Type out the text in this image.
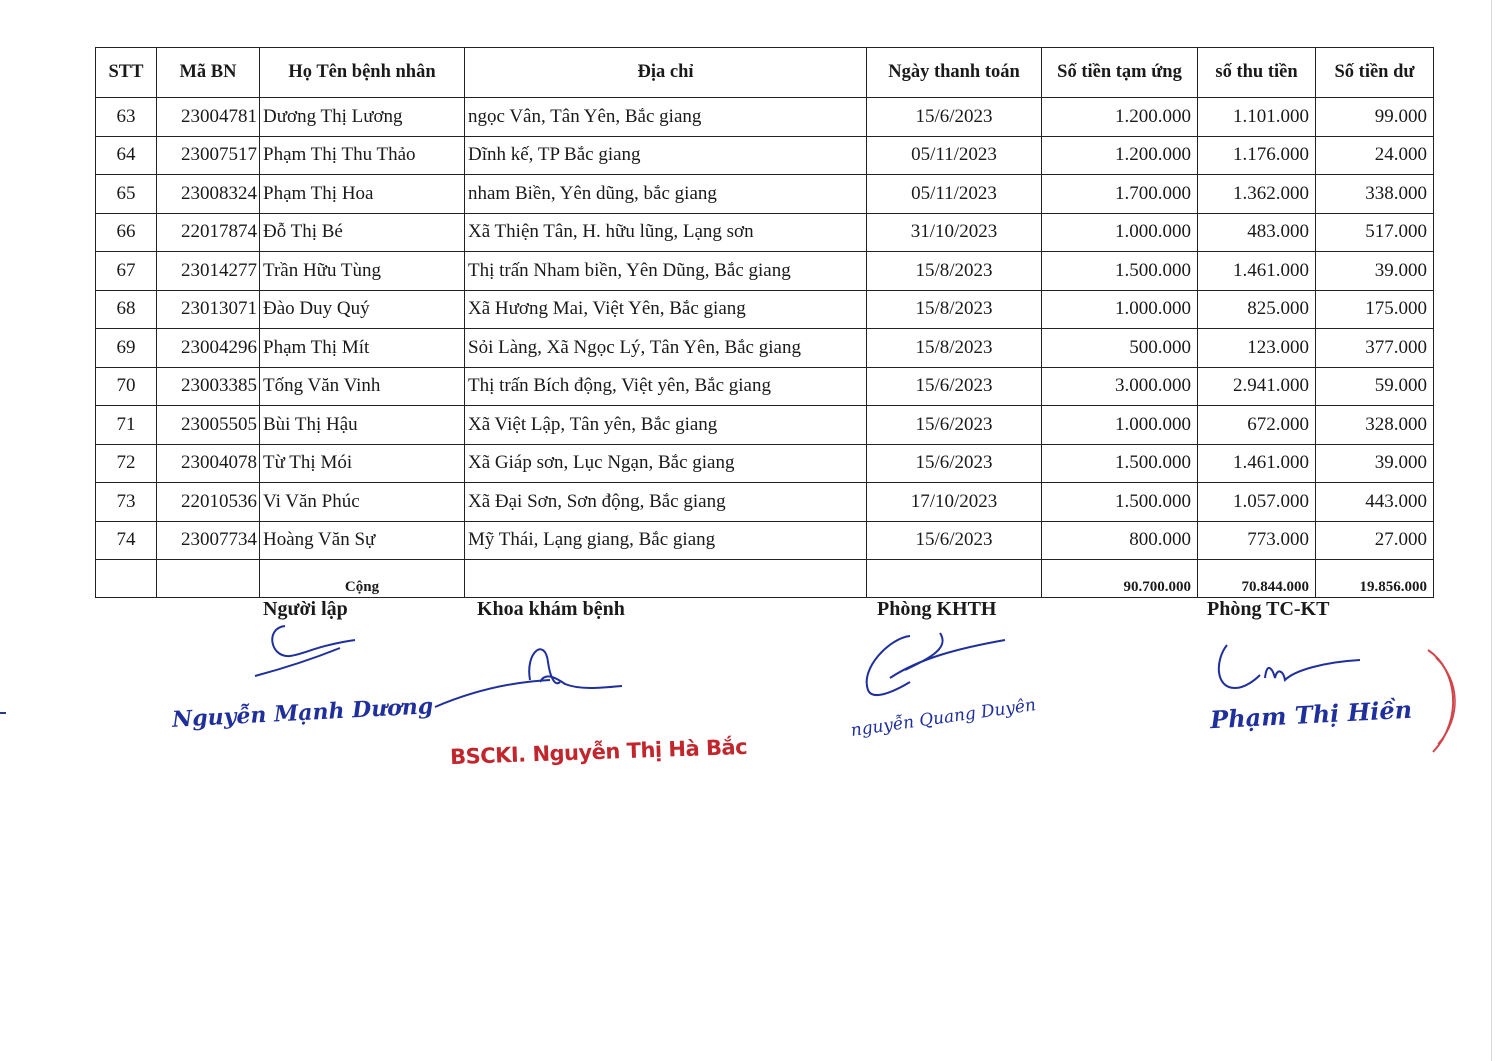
STT	Mã BN	Họ Tên bệnh nhân	Địa chỉ	Ngày thanh toán	Số tiền tạm ứng	số thu tiền	Số tiền dư
63	23004781	Dương Thị Lương	ngọc Vân, Tân Yên, Bắc giang	15/6/2023	1.200.000	1.101.000	99.000
64	23007517	Phạm Thị Thu Thảo	Dĩnh kế, TP Bắc giang	05/11/2023	1.200.000	1.176.000	24.000
65	23008324	Phạm Thị Hoa	nham Biền, Yên dũng, bắc giang	05/11/2023	1.700.000	1.362.000	338.000
66	22017874	Đỗ Thị Bé	Xã Thiện Tân, H. hữu lũng, Lạng sơn	31/10/2023	1.000.000	483.000	517.000
67	23014277	Trần Hữu Tùng	Thị trấn Nham biền, Yên Dũng, Bắc giang	15/8/2023	1.500.000	1.461.000	39.000
68	23013071	Đào Duy Quý	Xã Hương Mai, Việt Yên, Bắc giang	15/8/2023	1.000.000	825.000	175.000
69	23004296	Phạm Thị Mít	Sỏi Làng, Xã Ngọc Lý, Tân Yên, Bắc giang	15/8/2023	500.000	123.000	377.000
70	23003385	Tống Văn Vinh	Thị trấn Bích động, Việt yên, Bắc giang	15/6/2023	3.000.000	2.941.000	59.000
71	23005505	Bùi Thị Hậu	Xã Việt Lập, Tân yên, Bắc giang	15/6/2023	1.000.000	672.000	328.000
72	23004078	Từ Thị Mói	Xã Giáp sơn, Lục Ngạn, Bắc giang	15/6/2023	1.500.000	1.461.000	39.000
73	22010536	Vi Văn Phúc	Xã Đại Sơn, Sơn động, Bắc giang	17/10/2023	1.500.000	1.057.000	443.000
74	23007734	Hoàng Văn Sự	Mỹ Thái, Lạng giang, Bắc giang	15/6/2023	800.000	773.000	27.000
		Cộng			90.700.000	70.844.000	19.856.000
Người lập
Nguyễn Mạnh Dương
Khoa khám bệnh
BSCKI. Nguyễn Thị Hà Bắc
Phòng KHTH
nguyễn Quang Duyên
Phòng TC-KT
Phạm Thị Hiền
